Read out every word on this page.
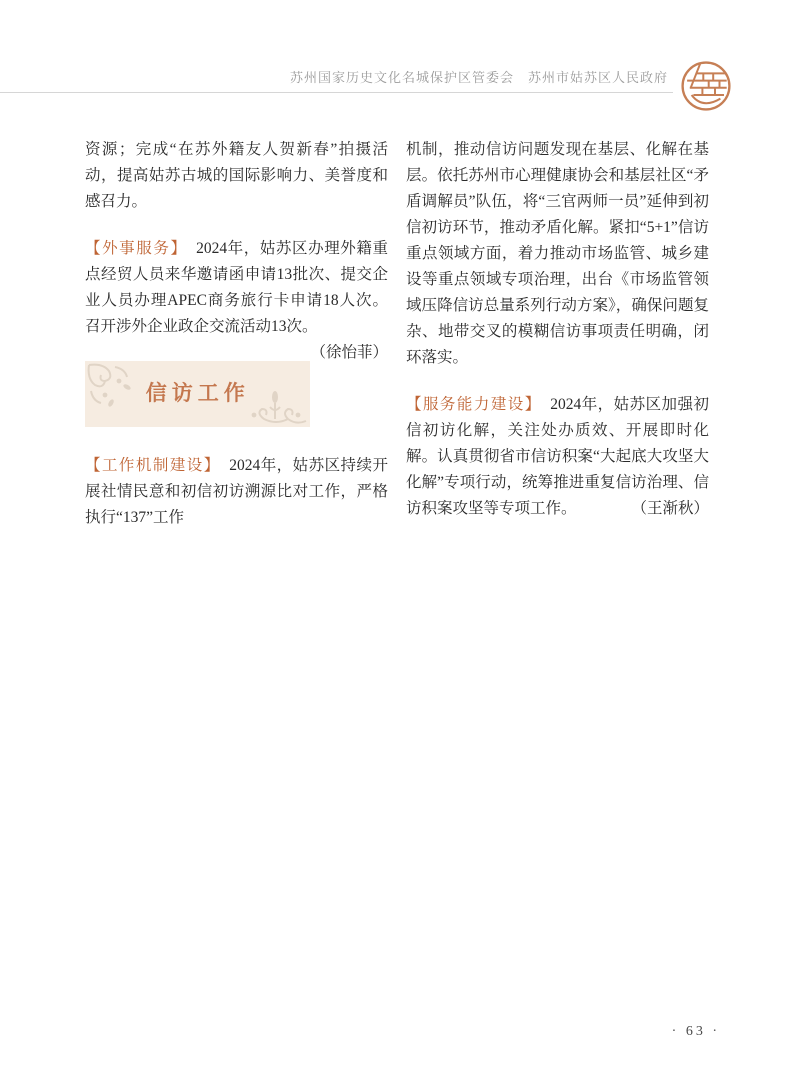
苏州国家历史文化名城保护区管委会 苏州市姑苏区人民政府

资源；完成“在苏外籍友人贺新春”拍摄活动，提高姑苏古城的国际影响力、美誉度和感召力。

【外事服务】 2024年，姑苏区办理外籍重点经贸人员来华邀请函申请13批次、提交企业人员办理APEC商务旅行卡申请18人次。召开涉外企业政企交流活动13次。
（徐怡菲）

信访工作

【工作机制建设】 2024年，姑苏区持续开展社情民意和初信初访溯源比对工作，严格执行“137”工作

机制，推动信访问题发现在基层、化解在基层。依托苏州市心理健康协会和基层社区“矛盾调解员”队伍，将“三官两师一员”延伸到初信初访环节，推动矛盾化解。紧扣“5+1”信访重点领域方面，着力推动市场监管、城乡建设等重点领域专项治理，出台《市场监管领域压降信访总量系列行动方案》，确保问题复杂、地带交叉的模糊信访事项责任明确，闭环落实。

【服务能力建设】 2024年，姑苏区加强初信初访化解，关注处办质效、开展即时化解。认真贯彻省市信访积案“大起底大攻坚大化解”专项行动，统筹推进重复信访治理、信访积案攻坚等专项工作。	（王渐秋）

· 63 ·
